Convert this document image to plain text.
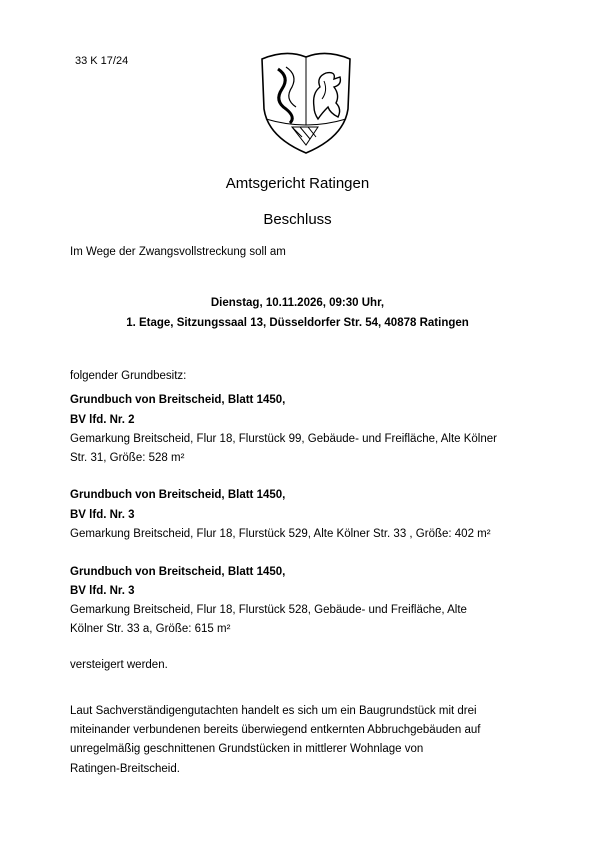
33 K 17/24
Amtsgericht Ratingen
Beschluss
Im Wege der Zwangsvollstreckung soll am
Dienstag, 10.11.2026, 09:30 Uhr,
1. Etage, Sitzungssaal 13, Düsseldorfer Str. 54, 40878 Ratingen
folgender Grundbesitz:
Grundbuch von Breitscheid, Blatt 1450,
BV lfd. Nr. 2
Gemarkung Breitscheid, Flur 18, Flurstück 99, Gebäude- und Freifläche, Alte Kölner
Str. 31, Größe: 528 m²
Grundbuch von Breitscheid, Blatt 1450,
BV lfd. Nr. 3
Gemarkung Breitscheid, Flur 18, Flurstück 529, Alte Kölner Str. 33 , Größe: 402 m²
Grundbuch von Breitscheid, Blatt 1450,
BV lfd. Nr. 3
Gemarkung Breitscheid, Flur 18, Flurstück 528, Gebäude- und Freifläche, Alte
Kölner Str. 33 a, Größe: 615 m²
versteigert werden.
Laut Sachverständigengutachten handelt es sich um ein Baugrundstück mit drei
miteinander verbundenen bereits überwiegend entkernten Abbruchgebäuden auf
unregelmäßig geschnittenen Grundstücken in mittlerer Wohnlage von
Ratingen-Breitscheid.
